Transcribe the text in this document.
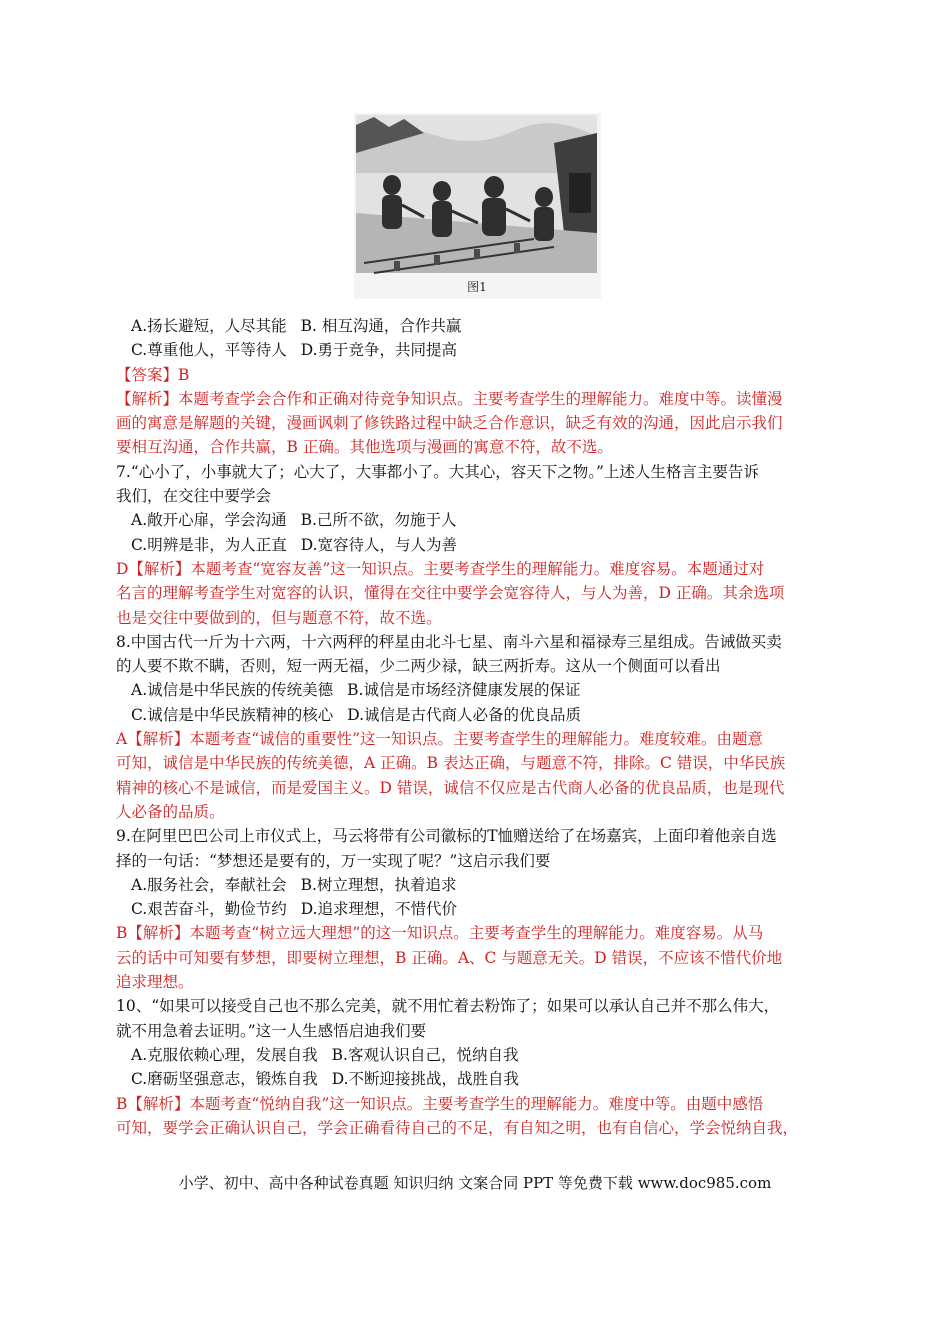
图1
A.扬长避短，人尽其能 B. 相互沟通，合作共赢
C.尊重他人，平等待人 D.勇于竞争，共同提高
【答案】B
【解析】本题考查学会合作和正确对待竞争知识点。主要考查学生的理解能力。难度中等。读懂漫
画的寓意是解题的关键，漫画讽刺了修铁路过程中缺乏合作意识，缺乏有效的沟通，因此启示我们
要相互沟通，合作共赢，B 正确。其他选项与漫画的寓意不符，故不选。
7.“心小了，小事就大了；心大了，大事都小了。大其心，容天下之物。”上述人生格言主要告诉
我们，在交往中要学会
A.敞开心扉，学会沟通 B.己所不欲，勿施于人
C.明辨是非，为人正直 D.宽容待人，与人为善
D【解析】本题考查“宽容友善”这一知识点。主要考查学生的理解能力。难度容易。本题通过对
名言的理解考查学生对宽容的认识，懂得在交往中要学会宽容待人，与人为善，D 正确。其余选项
也是交往中要做到的，但与题意不符，故不选。
8.中国古代一斤为十六两，十六两秤的秤星由北斗七星、南斗六星和福禄寿三星组成。告诫做买卖
的人要不欺不瞒，否则，短一两无福，少二两少禄，缺三两折寿。这从一个侧面可以看出
A.诚信是中华民族的传统美德 B.诚信是市场经济健康发展的保证
C.诚信是中华民族精神的核心 D.诚信是古代商人必备的优良品质
A【解析】本题考查“诚信的重要性”这一知识点。主要考查学生的理解能力。难度较难。由题意
可知，诚信是中华民族的传统美德，A 正确。B 表达正确，与题意不符，排除。C 错误，中华民族
精神的核心不是诚信，而是爱国主义。D 错误，诚信不仅应是古代商人必备的优良品质，也是现代
人必备的品质。
9.在阿里巴巴公司上市仪式上，马云将带有公司徽标的T恤赠送给了在场嘉宾，上面印着他亲自选
择的一句话：“梦想还是要有的，万一实现了呢？”这启示我们要
A.服务社会，奉献社会 B.树立理想，执着追求
C.艰苦奋斗，勤俭节约 D.追求理想，不惜代价
B【解析】本题考查“树立远大理想”的这一知识点。主要考查学生的理解能力。难度容易。从马
云的话中可知要有梦想，即要树立理想，B 正确。A、C 与题意无关。D 错误，不应该不惜代价地
追求理想。
10、“如果可以接受自己也不那么完美，就不用忙着去粉饰了；如果可以承认自己并不那么伟大，
就不用急着去证明。”这一人生感悟启迪我们要
A.克服依赖心理，发展自我 B.客观认识自己，悦纳自我
C.磨砺坚强意志，锻炼自我 D.不断迎接挑战，战胜自我
B【解析】本题考查“悦纳自我”这一知识点。主要考查学生的理解能力。难度中等。由题中感悟
可知，要学会正确认识自己，学会正确看待自己的不足，有自知之明，也有自信心，学会悦纳自我，
小学、初中、高中各种试卷真题 知识归纳 文案合同 PPT 等免费下载 www.doc985.com
